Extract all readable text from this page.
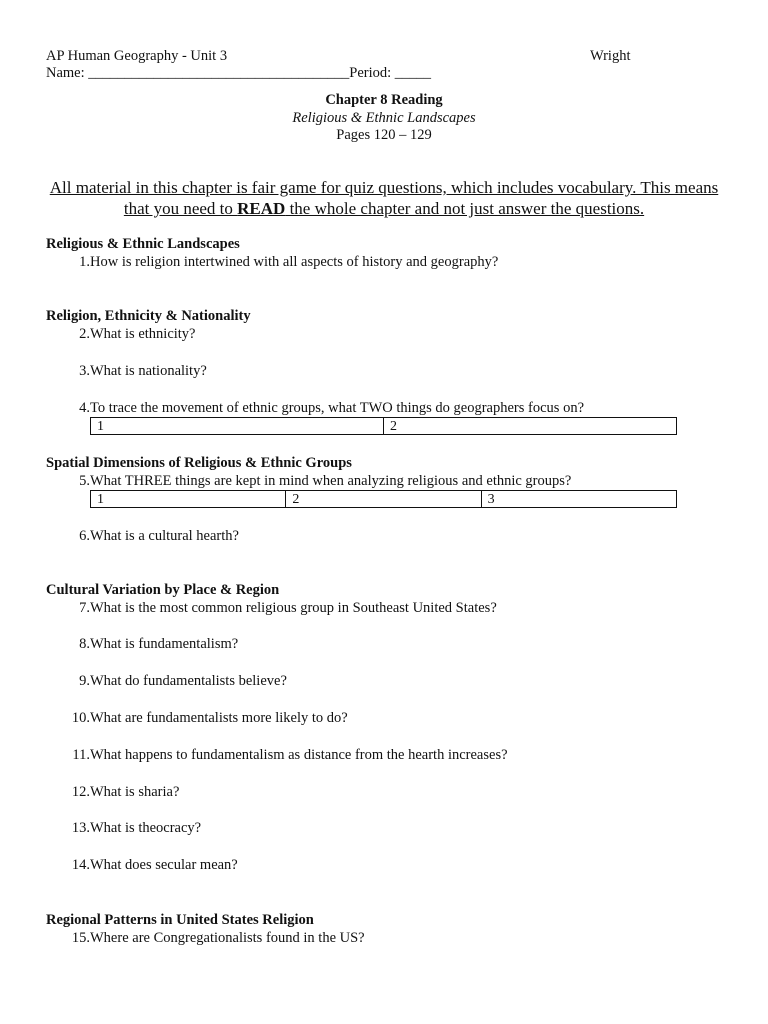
AP Human Geography - Unit 3	Wright
Name: ____________________________________Period: _____
Chapter 8 Reading
Religious & Ethnic Landscapes
Pages 120 – 129
All material in this chapter is fair game for quiz questions, which includes vocabulary. This means that you need to READ the whole chapter and not just answer the questions.
Religious & Ethnic Landscapes
1. How is religion intertwined with all aspects of history and geography?
Religion, Ethnicity & Nationality
2. What is ethnicity?
3. What is nationality?
4. To trace the movement of ethnic groups, what TWO things do geographers focus on?
1	2
Spatial Dimensions of Religious & Ethnic Groups
5. What THREE things are kept in mind when analyzing religious and ethnic groups?
1	2	3
6. What is a cultural hearth?
Cultural Variation by Place & Region
7. What is the most common religious group in Southeast United States?
8. What is fundamentalism?
9. What do fundamentalists believe?
10. What are fundamentalists more likely to do?
11. What happens to fundamentalism as distance from the hearth increases?
12. What is sharia?
13. What is theocracy?
14. What does secular mean?
Regional Patterns in United States Religion
15. Where are Congregationalists found in the US?
